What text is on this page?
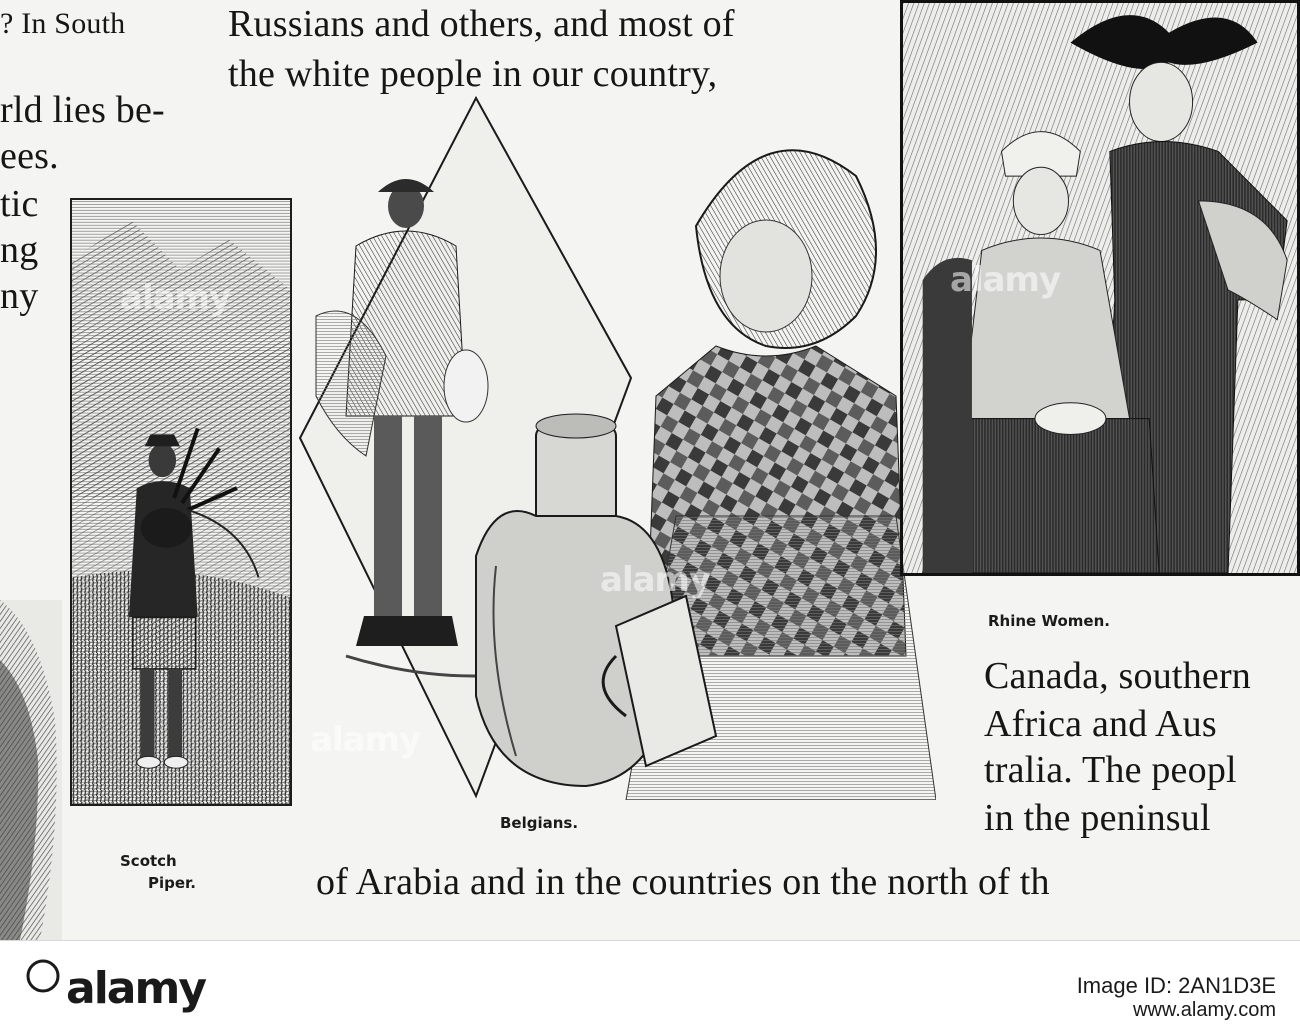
? In South
rld lies be-
ees.
tic
ng
ny
Russians and others, and most of
the white people in our country,
Scotch
Piper.
Belgians.
Rhine Women.
Canada, southern
Africa and Aus
tralia. The peopl
in the peninsul
of Arabia and in the countries on the north of th
alamy
alamy
alamy
alamy
alamy	Image ID: 2AN1D3E
www.alamy.com
